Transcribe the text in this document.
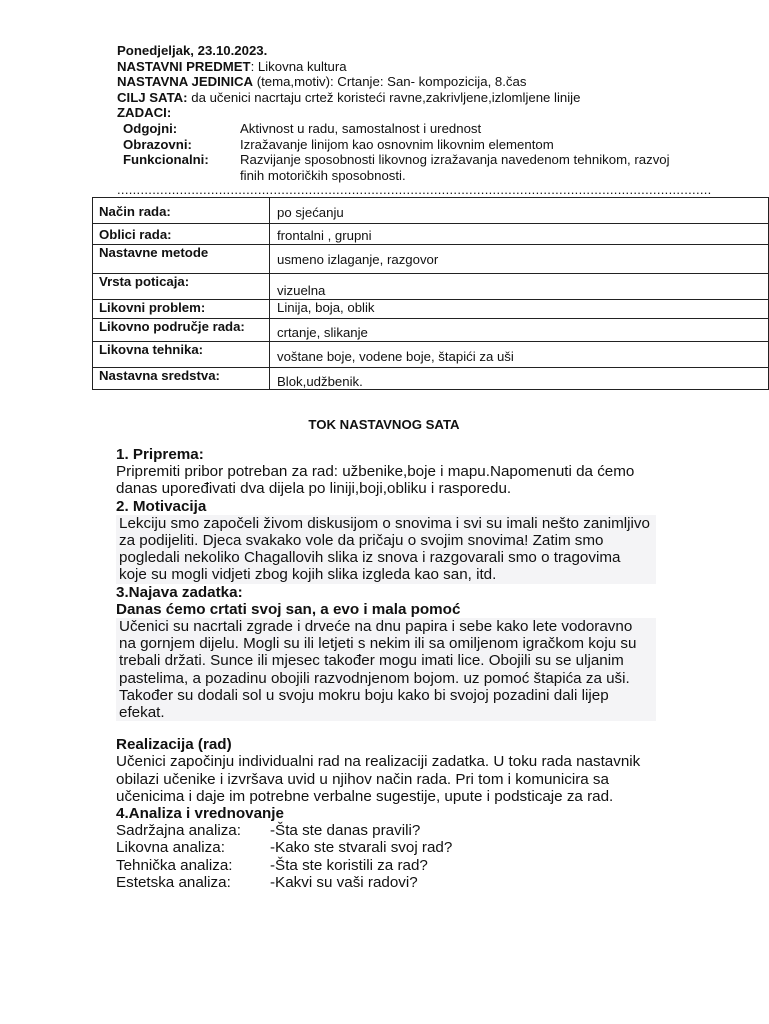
Ponedjeljak, 23.10.2023.
NASTAVNI PREDMET: Likovna kultura
NASTAVNA JEDINICA (tema,motiv): Crtanje: San- kompozicija, 8.čas
CILJ SATA: da učenici nacrtaju crtež koristeći ravne,zakrivljene,izlomljene linije
ZADACI:
Odgojni:	Aktivnost u radu, samostalnost i urednost
Obrazovni:	Izražavanje linijom kao osnovnim likovnim elementom
Funkcionalni:	Razvijanje sposobnosti likovnog izražavanja navedenom tehnikom, razvoj finih motoričkih sposobnosti.
........................................................................................................................................................
Način rada:	po sjećanju

Oblici rada:	frontalni , grupni

Nastavne metode	usmeno izlaganje, razgovor

Vrsta poticaja:	vizuelna

Likovni problem:	Linija, boja, oblik

Likovno područje rada:	crtanje, slikanje

Likovna tehnika:	voštane boje, vodene boje, štapići za uši

Nastavna sredstva:	Blok,udžbenik.
TOK NASTAVNOG SATA

1. Priprema:

Pripremiti pribor potreban za rad: užbenike,boje i mapu.Napomenuti da ćemo danas upoređivati dva dijela po liniji,boji,obliku i rasporedu.

2. Motivacija

Lekciju smo započeli živom diskusijom o snovima i svi su imali nešto zanimljivo za podijeliti. Djeca svakako vole da pričaju o svojim snovima! Zatim smo pogledali nekoliko Chagallovih slika iz snova i razgovarali smo o tragovima koje su mogli vidjeti zbog kojih slika izgleda kao san, itd.

3.Najava zadatka:

Danas ćemo crtati svoj san, a evo i mala pomoć

Učenici su nacrtali zgrade i drveće na dnu papira i sebe kako lete vodoravno na gornjem dijelu. Mogli su ili letjeti s nekim ili sa omiljenom igračkom koju su trebali držati. Sunce ili mjesec također mogu imati lice. Obojili su se uljanim pastelima, a pozadinu obojili razvodnjenom bojom. uz pomoć štapića za uši. Također su dodali sol u svoju mokru boju kako bi svojoj pozadini dali lijep efekat.

Realizacija (rad)

Učenici započinju individualni rad na realizaciji zadatka. U toku rada nastavnik obilazi učenike i izvršava uvid u njihov način rada. Pri tom i komunicira sa učenicima i daje im potrebne verbalne sugestije, upute i podsticaje za rad.

4.Analiza i vrednovanje

Sadržajna analiza:	-Šta ste danas pravili?
Likovna analiza:	-Kako ste stvarali svoj rad?
Tehnička analiza:	-Šta ste koristili za rad?
Estetska analiza:	-Kakvi su vaši radovi?
